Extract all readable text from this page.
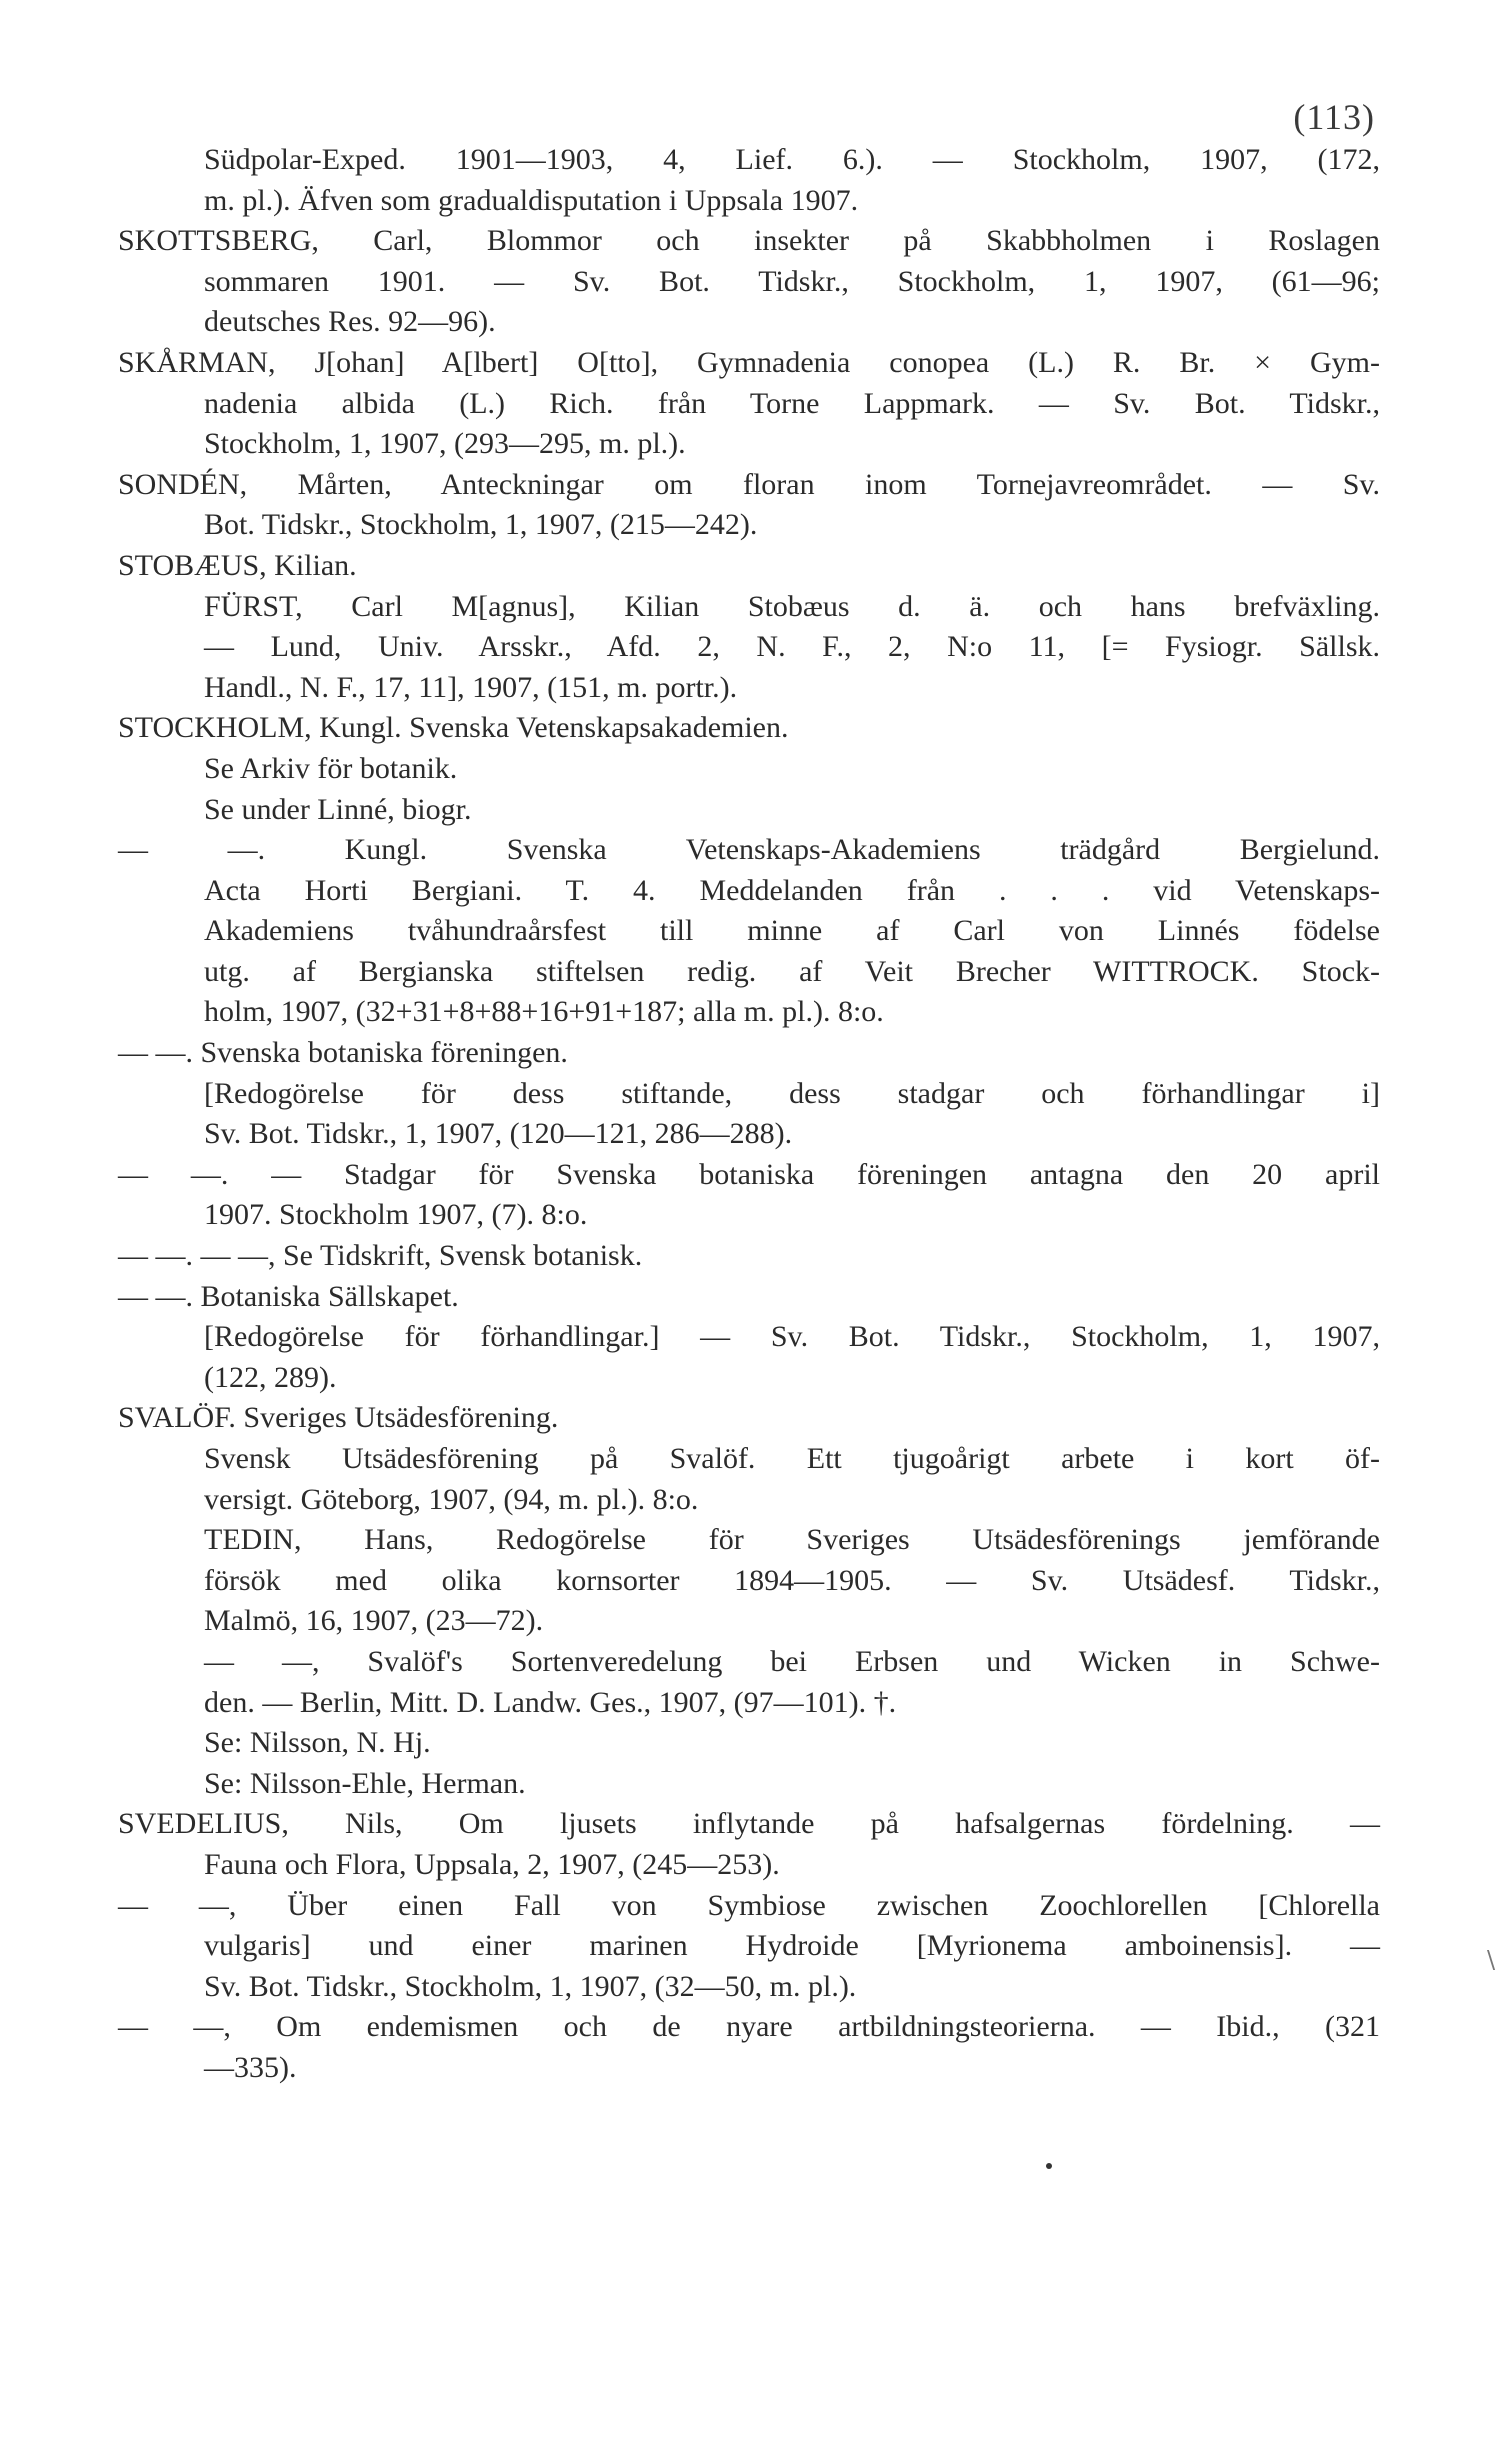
(113)
Südpolar-Exped. 1901—1903, 4, Lief. 6.). — Stockholm, 1907, (172,
m. pl.). Äfven som gradualdisputation i Uppsala 1907.
SKOTTSBERG, Carl, Blommor och insekter på Skabbholmen i Roslagen
sommaren 1901. — Sv. Bot. Tidskr., Stockholm, 1, 1907, (61—96;
deutsches Res. 92—96).
SKÅRMAN, J[ohan] A[lbert] O[tto], Gymnadenia conopea (L.) R. Br. × Gym-
nadenia albida (L.) Rich. från Torne Lappmark. — Sv. Bot. Tidskr.,
Stockholm, 1, 1907, (293—295, m. pl.).
SONDÉN, Mårten, Anteckningar om floran inom Tornejavreområdet. — Sv.
Bot. Tidskr., Stockholm, 1, 1907, (215—242).
STOBÆUS, Kilian.
FÜRST, Carl M[agnus], Kilian Stobæus d. ä. och hans brefväxling.
— Lund, Univ. Arsskr., Afd. 2, N. F., 2, N:o 11, [= Fysiogr. Sällsk.
Handl., N. F., 17, 11], 1907, (151, m. portr.).
STOCKHOLM, Kungl. Svenska Vetenskapsakademien.
Se Arkiv för botanik.
Se under Linné, biogr.
— —. Kungl. Svenska Vetenskaps-Akademiens trädgård Bergielund.
Acta Horti Bergiani. T. 4. Meddelanden från . . . vid Vetenskaps-
Akademiens tvåhundraårsfest till minne af Carl von Linnés födelse
utg. af Bergianska stiftelsen redig. af Veit Brecher WITTROCK. Stock-
holm, 1907, (32+31+8+88+16+91+187; alla m. pl.). 8:o.
— —. Svenska botaniska föreningen.
[Redogörelse för dess stiftande, dess stadgar och förhandlingar i]
Sv. Bot. Tidskr., 1, 1907, (120—121, 286—288).
— —. — Stadgar för Svenska botaniska föreningen antagna den 20 april
1907. Stockholm 1907, (7). 8:o.
— —. — —, Se Tidskrift, Svensk botanisk.
— —. Botaniska Sällskapet.
[Redogörelse för förhandlingar.] — Sv. Bot. Tidskr., Stockholm, 1, 1907,
(122, 289).
SVALÖF. Sveriges Utsädesförening.
Svensk Utsädesförening på Svalöf. Ett tjugoårigt arbete i kort öf-
versigt. Göteborg, 1907, (94, m. pl.). 8:o.
TEDIN, Hans, Redogörelse för Sveriges Utsädesförenings jemförande
försök med olika kornsorter 1894—1905. — Sv. Utsädesf. Tidskr.,
Malmö, 16, 1907, (23—72).
— —, Svalöf's Sortenveredelung bei Erbsen und Wicken in Schwe-
den. — Berlin, Mitt. D. Landw. Ges., 1907, (97—101). †.
Se: Nilsson, N. Hj.
Se: Nilsson-Ehle, Herman.
SVEDELIUS, Nils, Om ljusets inflytande på hafsalgernas fördelning. —
Fauna och Flora, Uppsala, 2, 1907, (245—253).
— —, Über einen Fall von Symbiose zwischen Zoochlorellen [Chlorella
vulgaris] und einer marinen Hydroide [Myrionema amboinensis]. —
Sv. Bot. Tidskr., Stockholm, 1, 1907, (32—50, m. pl.).
— —, Om endemismen och de nyare artbildningsteorierna. — Ibid., (321
—335).
\
